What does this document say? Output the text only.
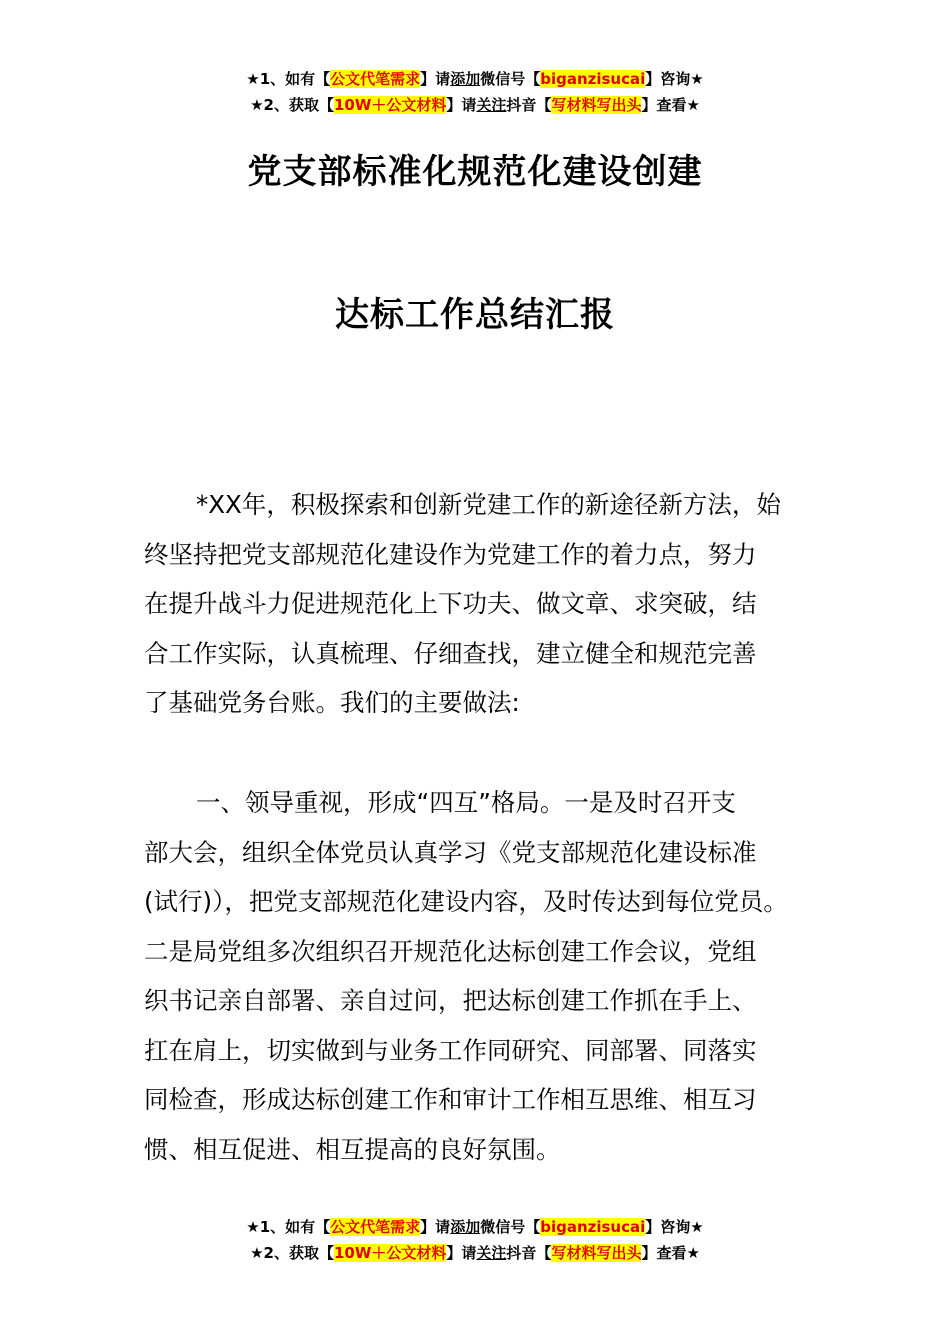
★1、如有【公文代笔需求】请添加微信号【biganzisucai】咨询★
★2、获取【10W＋公文材料】请关注抖音【写材料写出头】查看★
党支部标准化规范化建设创建
达标工作总结汇报
*XX年，积极探索和创新党建工作的新途径新方法，始
终坚持把党支部规范化建设作为党建工作的着力点，努力
在提升战斗力促进规范化上下功夫、做文章、求突破，结
合工作实际，认真梳理、仔细查找，建立健全和规范完善
了基础党务台账。我们的主要做法:
一、领导重视，形成“四互”格局。一是及时召开支
部大会，组织全体党员认真学习《党支部规范化建设标准
(试行)），把党支部规范化建设内容，及时传达到每位党员。
二是局党组多次组织召开规范化达标创建工作会议，党组
织书记亲自部署、亲自过问，把达标创建工作抓在手上、
扛在肩上，切实做到与业务工作同研究、同部署、同落实
同检查，形成达标创建工作和审计工作相互思维、相互习
惯、相互促进、相互提高的良好氛围。
★1、如有【公文代笔需求】请添加微信号【biganzisucai】咨询★
★2、获取【10W＋公文材料】请关注抖音【写材料写出头】查看★
